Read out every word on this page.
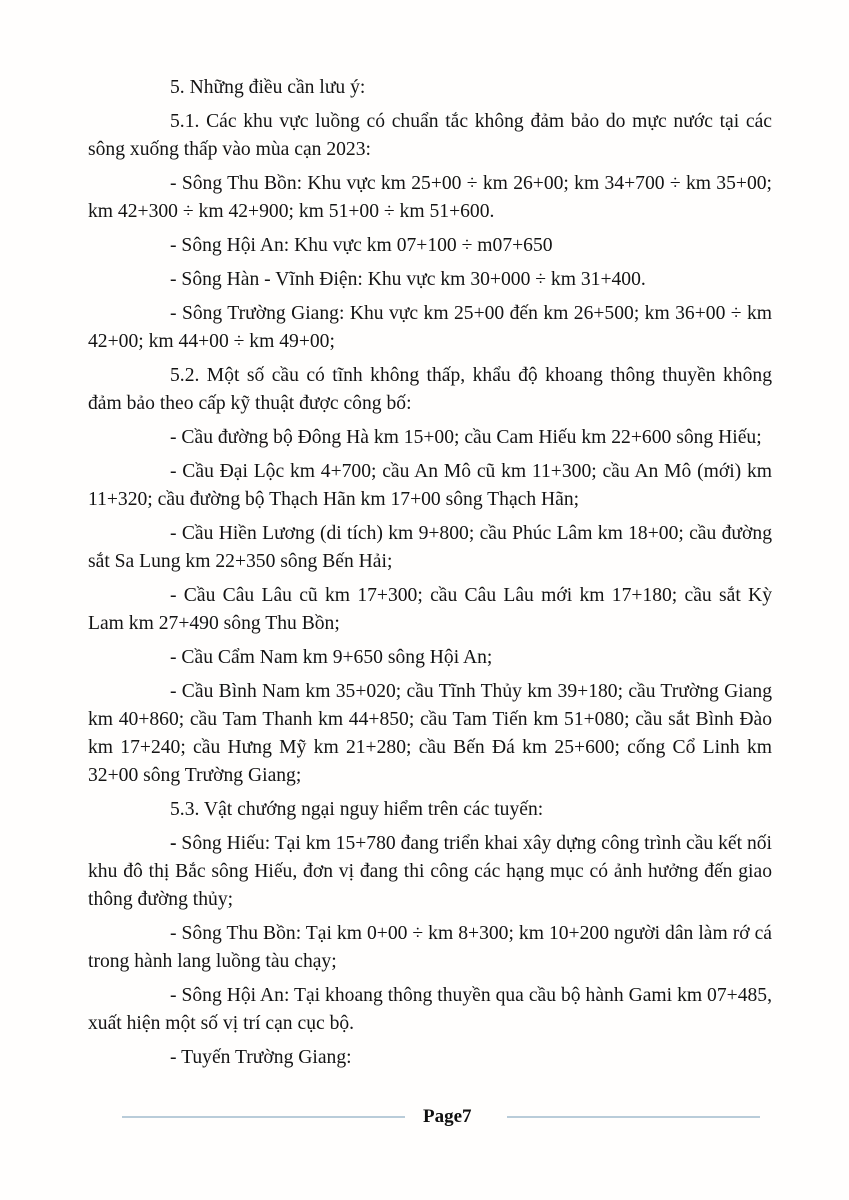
5. Những điều cần lưu ý:

5.1. Các khu vực luồng có chuẩn tắc không đảm bảo do mực nước tại các sông xuống thấp vào mùa cạn 2023:

- Sông Thu Bồn: Khu vực km 25+00 ÷ km 26+00; km 34+700 ÷ km 35+00; km 42+300 ÷ km 42+900; km 51+00 ÷ km 51+600.

- Sông Hội An: Khu vực km 07+100 ÷ m07+650

- Sông Hàn - Vĩnh Điện: Khu vực km 30+000 ÷ km 31+400.

- Sông Trường Giang: Khu vực km 25+00 đến km 26+500; km 36+00 ÷ km 42+00; km 44+00 ÷ km 49+00;

5.2. Một số cầu có tĩnh không thấp, khẩu độ khoang thông thuyền không đảm bảo theo cấp kỹ thuật được công bố:

- Cầu đường bộ Đông Hà km 15+00; cầu Cam Hiếu km 22+600 sông Hiếu;

- Cầu Đại Lộc km 4+700; cầu An Mô cũ km 11+300; cầu An Mô (mới) km 11+320; cầu đường bộ Thạch Hãn km 17+00 sông Thạch Hãn;

- Cầu Hiền Lương (di tích) km 9+800; cầu Phúc Lâm km 18+00; cầu đường sắt Sa Lung km 22+350 sông Bến Hải;

- Cầu Câu Lâu cũ km 17+300; cầu Câu Lâu mới km 17+180; cầu sắt Kỳ Lam km 27+490 sông Thu Bồn;

- Cầu Cẩm Nam km 9+650 sông Hội An;

- Cầu Bình Nam km 35+020; cầu Tĩnh Thủy km 39+180; cầu Trường Giang km 40+860; cầu Tam Thanh km 44+850; cầu Tam Tiến km 51+080; cầu sắt Bình Đào km 17+240; cầu Hưng Mỹ km 21+280; cầu Bến Đá km 25+600; cống Cổ Linh km 32+00 sông Trường Giang;

5.3. Vật chướng ngại nguy hiểm trên các tuyến:

- Sông Hiếu: Tại km 15+780 đang triển khai xây dựng công trình cầu kết nối khu đô thị Bắc sông Hiếu, đơn vị đang thi công các hạng mục có ảnh hưởng đến giao thông đường thủy;

- Sông Thu Bồn: Tại km 0+00 ÷ km 8+300; km 10+200 người dân làm rớ cá trong hành lang luồng tàu chạy;

- Sông Hội An: Tại khoang thông thuyền qua cầu bộ hành Gami km 07+485, xuất hiện một số vị trí cạn cục bộ.

- Tuyến Trường Giang:

Page7
